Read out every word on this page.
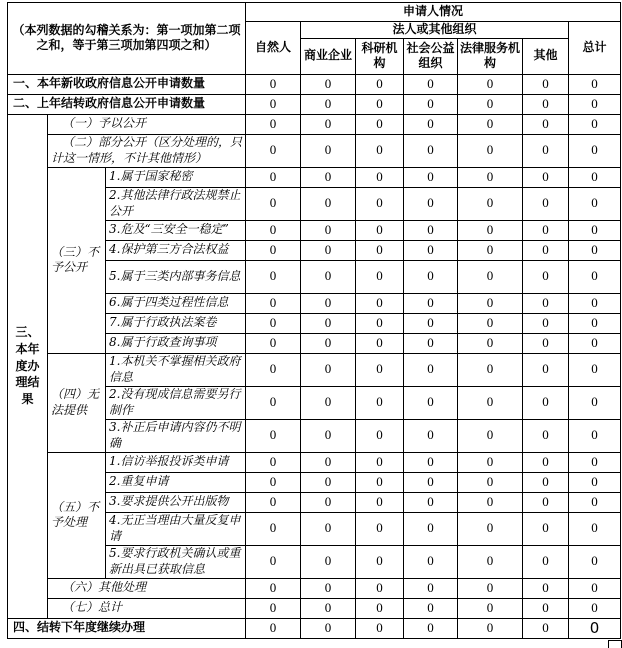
（本列数据的勾稽关系为：第一项加第二项之和，等于第三项加第四项之和）			申请人情况						
			自然人	法人或其他组织					总计
				商业企业	科研机构	社会公益组织	法律服务机构	其他	
一、本年新收政府信息公开申请数量			0	0	0	0	0	0	0
二、上年结转政府信息公开申请数量			0	0	0	0	0	0	0
三、本年度办理结果	（一）予以公开		0	0	0	0	0	0	0
	（二）部分公开（区分处理的，只计这一情形，不计其他情形）		0	0	0	0	0	0	0
	（三）不予公开	1.属于国家秘密	0	0	0	0	0	0	0
		2.其他法律行政法规禁止公开	0	0	0	0	0	0	0
		3.危及“三安全一稳定”	0	0	0	0	0	0	0
		4.保护第三方合法权益	0	0	0	0	0	0	0
		5.属于三类内部事务信息	0	0	0	0	0	0	0
		6.属于四类过程性信息	0	0	0	0	0	0	0
		7.属于行政执法案卷	0	0	0	0	0	0	0
		8.属于行政查询事项	0	0	0	0	0	0	0
	（四）无法提供	1.本机关不掌握相关政府信息	0	0	0	0	0	0	0
		2.没有现成信息需要另行制作	0	0	0	0	0	0	0
		3.补正后申请内容仍不明确	0	0	0	0	0	0	0
	（五）不予处理	1.信访举报投诉类申请	0	0	0	0	0	0	0
		2.重复申请	0	0	0	0	0	0	0
		3.要求提供公开出版物	0	0	0	0	0	0	0
		4.无正当理由大量反复申请	0	0	0	0	0	0	0
		5.要求行政机关确认或重新出具已获取信息	0	0	0	0	0	0	0
	（六）其他处理		0	0	0	0	0	0	0
	（七）总计		0	0	0	0	0	0	0
四、结转下年度继续办理			0	0	0	0	0	0	0
